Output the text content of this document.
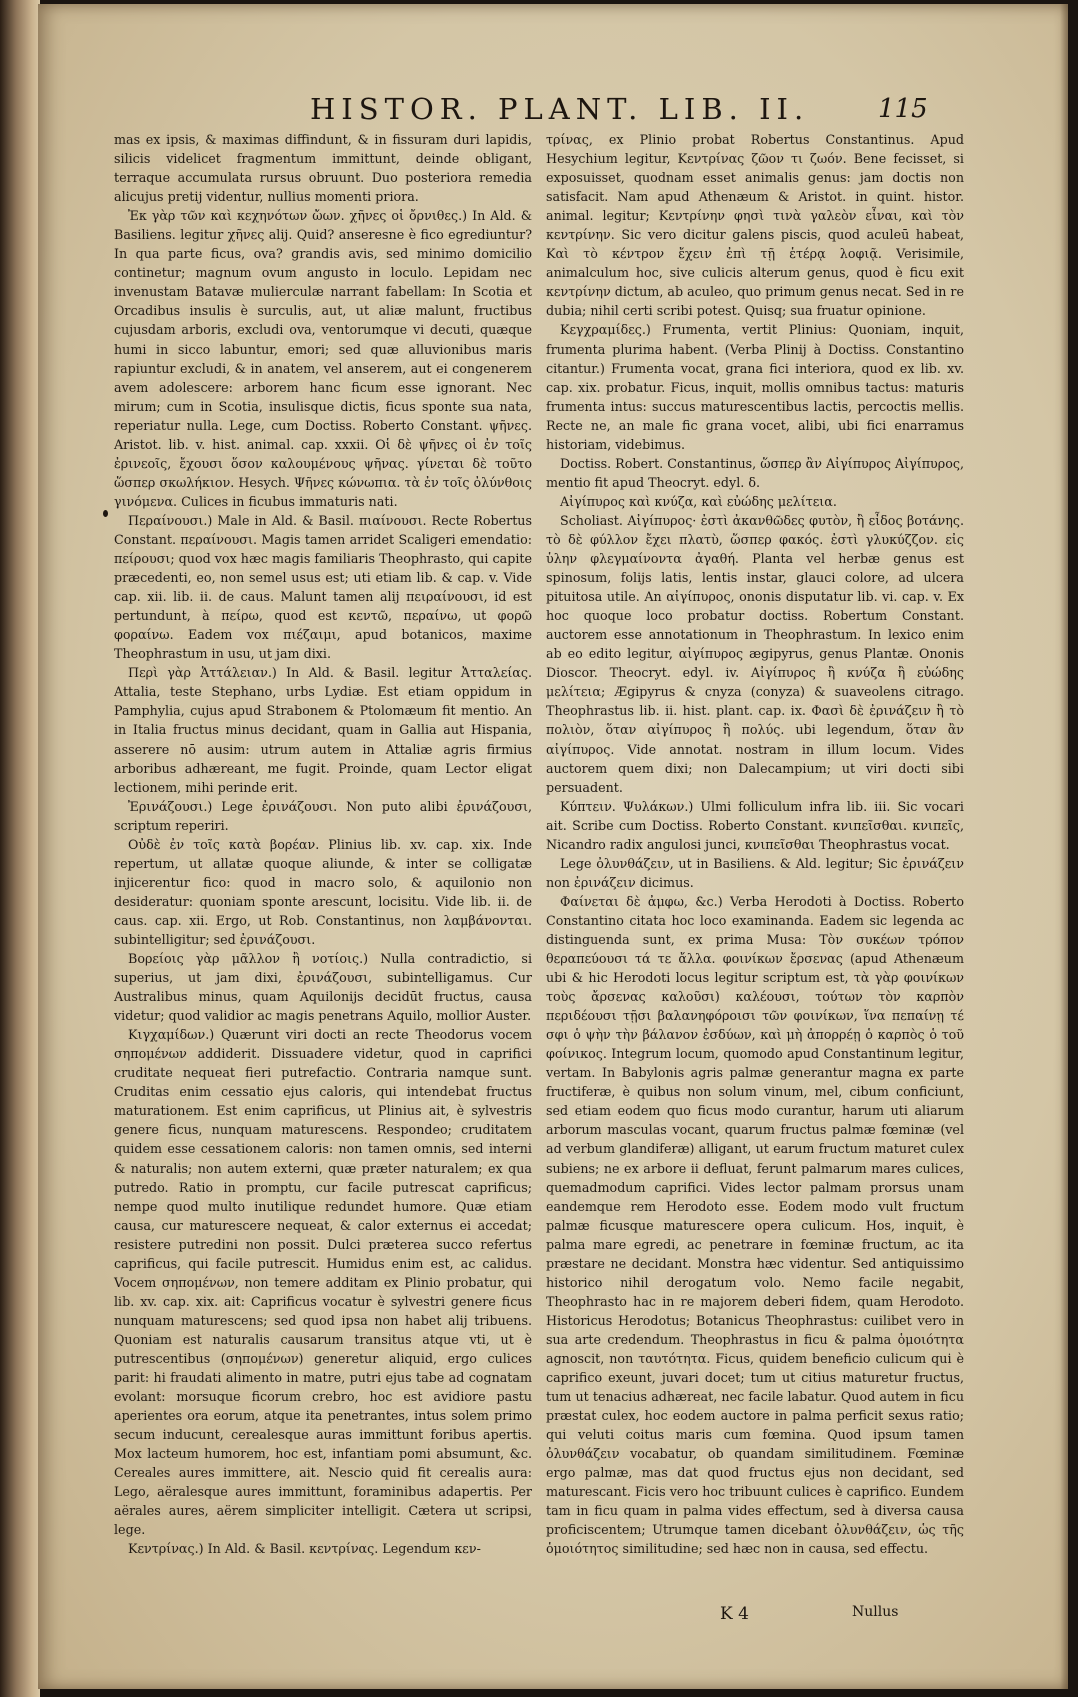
HISTOR. PLANT. LIB. II.	115

mas ex ipsis, & maximas diffindunt, & in fissuram duri lapidis, silicis videlicet fragmentum immittunt, deinde obligant, terraque accumulata rursus obruunt. Duo posteriora remedia alicujus pretij videntur, nullius momenti priora.

Ἐκ γὰρ τῶν καὶ κεχηνότων ὤων. χῆνες οἱ ὄρνιθες.) In Ald. & Basiliens. legitur χῆνες alij. Quid? anseresne è fico egrediuntur? In qua parte ficus, ova? grandis avis, sed minimo domicilio continetur; magnum ovum angusto in loculo. Lepidam nec invenustam Batavæ mulierculæ narrant fabellam: In Scotia et Orcadibus insulis è surculis, aut, ut aliæ malunt, fructibus cujusdam arboris, excludi ova, ventorumque vi decuti, quæque humi in sicco labuntur, emori; sed quæ alluvionibus maris rapiuntur excludi, & in anatem, vel anserem, aut ei congenerem avem adolescere: arborem hanc ficum esse ignorant. Nec mirum; cum in Scotia, insulisque dictis, ficus sponte sua nata, reperiatur nulla. Lege, cum Doctiss. Roberto Constant. ψῆνες. Aristot. lib. v. hist. animal. cap. xxxii. Οἱ δὲ ψῆνες οἱ ἐν τοῖς ἐρινεοῖς, ἔχουσι ὅσον καλουμένους ψῆνας. γίνεται δὲ τοῦτο ὥσπερ σκωλήκιον. Hesych. Ψῆνες κώνωπια. τὰ ἐν τοῖς ὀλύνθοις γινόμενα. Culices in ficubus immaturis nati.

Περαίνουσι.) Male in Ald. & Basil. πιαίνουσι. Recte Robertus Constant. περαίνουσι. Magis tamen arridet Scaligeri emendatio: πείρουσι; quod vox hæc magis familiaris Theophrasto, qui capite præcedenti, eo, non semel usus est; uti etiam lib. & cap. v. Vide cap. xii. lib. ii. de caus. Malunt tamen alij πειραίνουσι, id est pertundunt, à πείρω, quod est κεντῶ, περαίνω, ut φορῶ φοραίνω. Eadem vox πιέζαιμι, apud botanicos, maxime Theophrastum in usu, ut jam dixi.

Περὶ γὰρ Ἀττάλειαν.) In Ald. & Basil. legitur Ἀτταλείας. Attalia, teste Stephano, urbs Lydiæ. Est etiam oppidum in Pamphylia, cujus apud Strabonem & Ptolomæum fit mentio. An in Italia fructus minus decidant, quam in Gallia aut Hispania, asserere nō ausim: utrum autem in Attaliæ agris firmius arboribus adhæreant, me fugit. Proinde, quam Lector eligat lectionem, mihi perinde erit.

Ἐρινάζουσι.) Lege ἐρινάζουσι. Non puto alibi ἐρινάζουσι, scriptum reperiri.

Οὐδὲ ἐν τοῖς κατὰ βορέαν. Plinius lib. xv. cap. xix. Inde repertum, ut allatæ quoque aliunde, & inter se colligatæ injicerentur fico: quod in macro solo, & aquilonio non desideratur: quoniam sponte arescunt, locisitu. Vide lib. ii. de caus. cap. xii. Ergo, ut Rob. Constantinus, non λαμβάνονται. subintelligitur; sed ἐρινάζουσι.

Βορείοις γὰρ μᾶλλον ἢ νοτίοις.) Nulla contradictio, si superius, ut jam dixi, ἐρινάζουσι, subintelligamus. Cur Australibus minus, quam Aquilonijs decidūt fructus, causa videtur; quod validior ac magis penetrans Aquilo, mollior Auster.

Κιγχαμίδων.) Quærunt viri docti an recte Theodorus vocem σηπομένων addiderit. Dissuadere videtur, quod in caprifici cruditate nequeat fieri putrefactio. Contraria namque sunt. Cruditas enim cessatio ejus caloris, qui intendebat fructus maturationem. Est enim caprificus, ut Plinius ait, è sylvestris genere ficus, nunquam maturescens. Respondeo; cruditatem quidem esse cessationem caloris: non tamen omnis, sed interni & naturalis; non autem externi, quæ præter naturalem; ex qua putredo. Ratio in promptu, cur facile putrescat caprificus; nempe quod multo inutilique redundet humore. Quæ etiam causa, cur maturescere nequeat, & calor externus ei accedat; resistere putredini non possit. Dulci præterea succo refertus caprificus, qui facile putrescit. Humidus enim est, ac calidus. Vocem σηπομένων, non temere additam ex Plinio probatur, qui lib. xv. cap. xix. ait: Caprificus vocatur è sylvestri genere ficus nunquam maturescens; sed quod ipsa non habet alij tribuens. Quoniam est naturalis causarum transitus atque vti, ut è putrescentibus (σηπομένων) generetur aliquid, ergo culices parit: hi fraudati alimento in matre, putri ejus tabe ad cognatam evolant: morsuque ficorum crebro, hoc est avidiore pastu aperientes ora eorum, atque ita penetrantes, intus solem primo secum inducunt, cerealesque auras immittunt foribus apertis. Mox lacteum humorem, hoc est, infantiam pomi absumunt, &c. Cereales aures immittere, ait. Nescio quid fit cerealis aura: Lego, aëralesque aures immittunt, foraminibus adapertis. Per aërales aures, aërem simpliciter intelligit. Cætera ut scripsi, lege.

Κεντρίνας.) In Ald. & Basil. κεντρίνας. Legendum κεν-

τρίνας, ex Plinio probat Robertus Constantinus. Apud Hesychium legitur, Κεντρίνας ζῶον τι ζωόν. Bene fecisset, si exposuisset, quodnam esset animalis genus: jam doctis non satisfacit. Nam apud Athenæum & Aristot. in quint. histor. animal. legitur; Κεντρίνην φησὶ τινὰ γαλεὸν εἶναι, καὶ τὸν κεντρίνην. Sic vero dicitur galens piscis, quod aculeū habeat, Καὶ τὸ κέντρον ἔχειν ἐπὶ τῇ ἑτέρᾳ λοφιᾷ. Verisimile, animalculum hoc, sive culicis alterum genus, quod è ficu exit κεντρίνην dictum, ab aculeo, quo primum genus necat. Sed in re dubia; nihil certi scribi potest. Quisq; sua fruatur opinione.

Κεγχραμίδες.) Frumenta, vertit Plinius: Quoniam, inquit, frumenta plurima habent. (Verba Plinij à Doctiss. Constantino citantur.) Frumenta vocat, grana fici interiora, quod ex lib. xv. cap. xix. probatur. Ficus, inquit, mollis omnibus tactus: maturis frumenta intus: succus maturescentibus lactis, percoctis mellis. Recte ne, an male fic grana vocet, alibi, ubi fici enarramus historiam, videbimus.

Doctiss. Robert. Constantinus, ὥσπερ ἂν Αἰγίπυρος Αἰγίπυρος, mentio fit apud Theocryt. edyl. δ.

Αἰγίπυρος καὶ κνύζα, καὶ εὐώδης μελίτεια.

Scholiast. Αἰγίπυρος· ἐστὶ ἀκανθῶδες φυτὸν, ἢ εἶδος βοτάνης. τὸ δὲ φύλλον ἔχει πλατὺ, ὥσπερ φακός. ἐστὶ γλυκύζζον. εἰς ὑλην φλεγμαίνοντα ἀγαθή. Planta vel herbæ genus est spinosum, folijs latis, lentis instar, glauci colore, ad ulcera pituitosa utile. An αἰγίπυρος, ononis disputatur lib. vi. cap. v. Ex hoc quoque loco probatur doctiss. Robertum Constant. auctorem esse annotationum in Theophrastum. In lexico enim ab eo edito legitur, αἰγίπυρος ægipyrus, genus Plantæ. Ononis Dioscor. Theocryt. edyl. iv. Αἰγίπυρος ἢ κνύζα ἢ εὐώδης μελίτεια; Ægipyrus & cnyza (conyza) & suaveolens citrago. Theophrastus lib. ii. hist. plant. cap. ix. Φασὶ δὲ ἐρινάζειν ἢ τὸ πολιὸν, ὅταν αἰγίπυρος ἢ πολύς. ubi legendum, ὅταν ἂν αἰγίπυρος. Vide annotat. nostram in illum locum. Vides auctorem quem dixi; non Dalecampium; ut viri docti sibi persuadent.

Κύπτειν. Ψυλάκων.) Ulmi folliculum infra lib. iii. Sic vocari ait. Scribe cum Doctiss. Roberto Constant. κνιπεῖσθαι. κνιπεῖς, Nicandro radix angulosi junci, κνιπεῖσθαι Theophrastus vocat.

Lege ὀλυνθάζειν, ut in Basiliens. & Ald. legitur; Sic ἐρινάζειν non ἐρινάζειν dicimus.

Φαίνεται δὲ ἀμφω, &c.) Verba Herodoti à Doctiss. Roberto Constantino citata hoc loco examinanda. Eadem sic legenda ac distinguenda sunt, ex prima Musa: Τὸν συκέων τρόπον θεραπεύουσι τά τε ἄλλα. φοινίκων ἔρσενας (apud Athenæum ubi & hic Herodoti locus legitur scriptum est, τὰ γὰρ φοινίκων τοὺς ἄρσενας καλοῦσι) καλέουσι, τούτων τὸν καρπὸν περιδέουσι τῇσι βαλανηφόροισι τῶν φοινίκων, ἵνα πεπαίνῃ τέ σφι ὁ ψὴν τὴν βάλανον ἐσδύων, καὶ μὴ ἀπορρέῃ ὁ καρπὸς ὁ τοῦ φοίνικος. Integrum locum, quomodo apud Constantinum legitur, vertam. In Babylonis agris palmæ generantur magna ex parte fructiferæ, è quibus non solum vinum, mel, cibum conficiunt, sed etiam eodem quo ficus modo curantur, harum uti aliarum arborum masculas vocant, quarum fructus palmæ fœminæ (vel ad verbum glandiferæ) alligant, ut earum fructum maturet culex subiens; ne ex arbore ii defluat, ferunt palmarum mares culices, quemadmodum caprifici. Vides lector palmam prorsus unam eandemque rem Herodoto esse. Eodem modo vult fructum palmæ ficusque maturescere opera culicum. Hos, inquit, è palma mare egredi, ac penetrare in fœminæ fructum, ac ita præstare ne decidant. Monstra hæc videntur. Sed antiquissimo historico nihil derogatum volo. Nemo facile negabit, Theophrasto hac in re majorem deberi fidem, quam Herodoto. Historicus Herodotus; Botanicus Theophrastus: cuilibet vero in sua arte credendum. Theophrastus in ficu & palma ὁμοιότητα agnoscit, non ταυτότητα. Ficus, quidem beneficio culicum qui è caprifico exeunt, juvari docet; tum ut citius maturetur fructus, tum ut tenacius adhæreat, nec facile labatur. Quod autem in ficu præstat culex, hoc eodem auctore in palma perficit sexus ratio; qui veluti coitus maris cum fœmina. Quod ipsum tamen ὀλυνθάζειν vocabatur, ob quandam similitudinem. Fœminæ ergo palmæ, mas dat quod fructus ejus non decidant, sed maturescant. Ficis vero hoc tribuunt culices è caprifico. Eundem tam in ficu quam in palma vides effectum, sed à diversa causa proficiscentem; Utrumque tamen dicebant ὀλυνθάζειν, ὡς τῆς ὁμοιότητος similitudine; sed hæc non in causa, sed effectu.

K 4	Nullus
